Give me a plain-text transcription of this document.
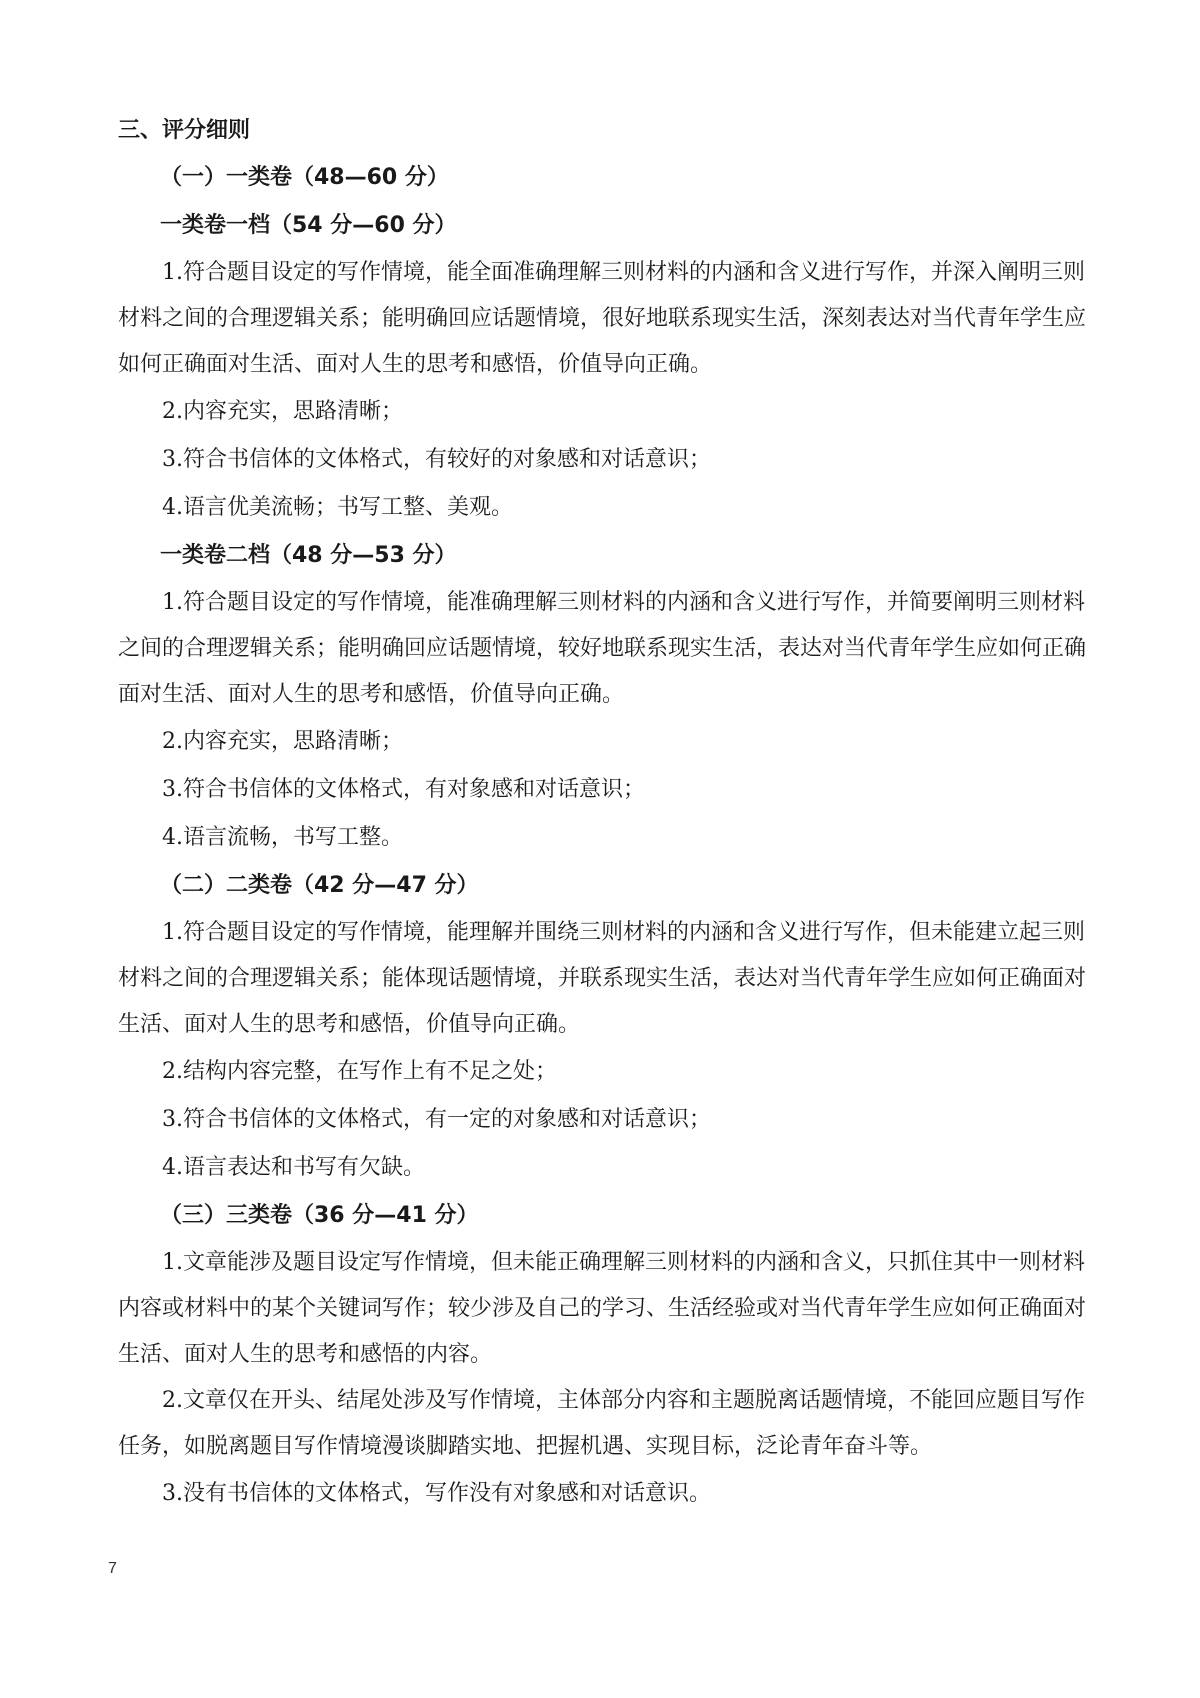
三、评分细则
（一）一类卷（48—60 分）
一类卷一档（54 分—60 分）

1.符合题目设定的写作情境，能全面准确理解三则材料的内涵和含义进行写作，并深入阐明三则材料之间的合理逻辑关系；能明确回应话题情境，很好地联系现实生活，深刻表达对当代青年学生应如何正确面对生活、面对人生的思考和感悟，价值导向正确。

2.内容充实，思路清晰；

3.符合书信体的文体格式，有较好的对象感和对话意识；

4.语言优美流畅；书写工整、美观。

一类卷二档（48 分—53 分）

1.符合题目设定的写作情境，能准确理解三则材料的内涵和含义进行写作，并简要阐明三则材料之间的合理逻辑关系；能明确回应话题情境，较好地联系现实生活，表达对当代青年学生应如何正确面对生活、面对人生的思考和感悟，价值导向正确。

2.内容充实，思路清晰；

3.符合书信体的文体格式，有对象感和对话意识；

4.语言流畅，书写工整。

（二）二类卷（42 分—47 分）

1.符合题目设定的写作情境，能理解并围绕三则材料的内涵和含义进行写作，但未能建立起三则材料之间的合理逻辑关系；能体现话题情境，并联系现实生活，表达对当代青年学生应如何正确面对生活、面对人生的思考和感悟，价值导向正确。

2.结构内容完整，在写作上有不足之处；

3.符合书信体的文体格式，有一定的对象感和对话意识；

4.语言表达和书写有欠缺。

（三）三类卷（36 分—41 分）

1.文章能涉及题目设定写作情境，但未能正确理解三则材料的内涵和含义，只抓住其中一则材料内容或材料中的某个关键词写作；较少涉及自己的学习、生活经验或对当代青年学生应如何正确面对生活、面对人生的思考和感悟的内容。

2.文章仅在开头、结尾处涉及写作情境，主体部分内容和主题脱离话题情境，不能回应题目写作任务，如脱离题目写作情境漫谈脚踏实地、把握机遇、实现目标，泛论青年奋斗等。

3.没有书信体的文体格式，写作没有对象感和对话意识。

7
